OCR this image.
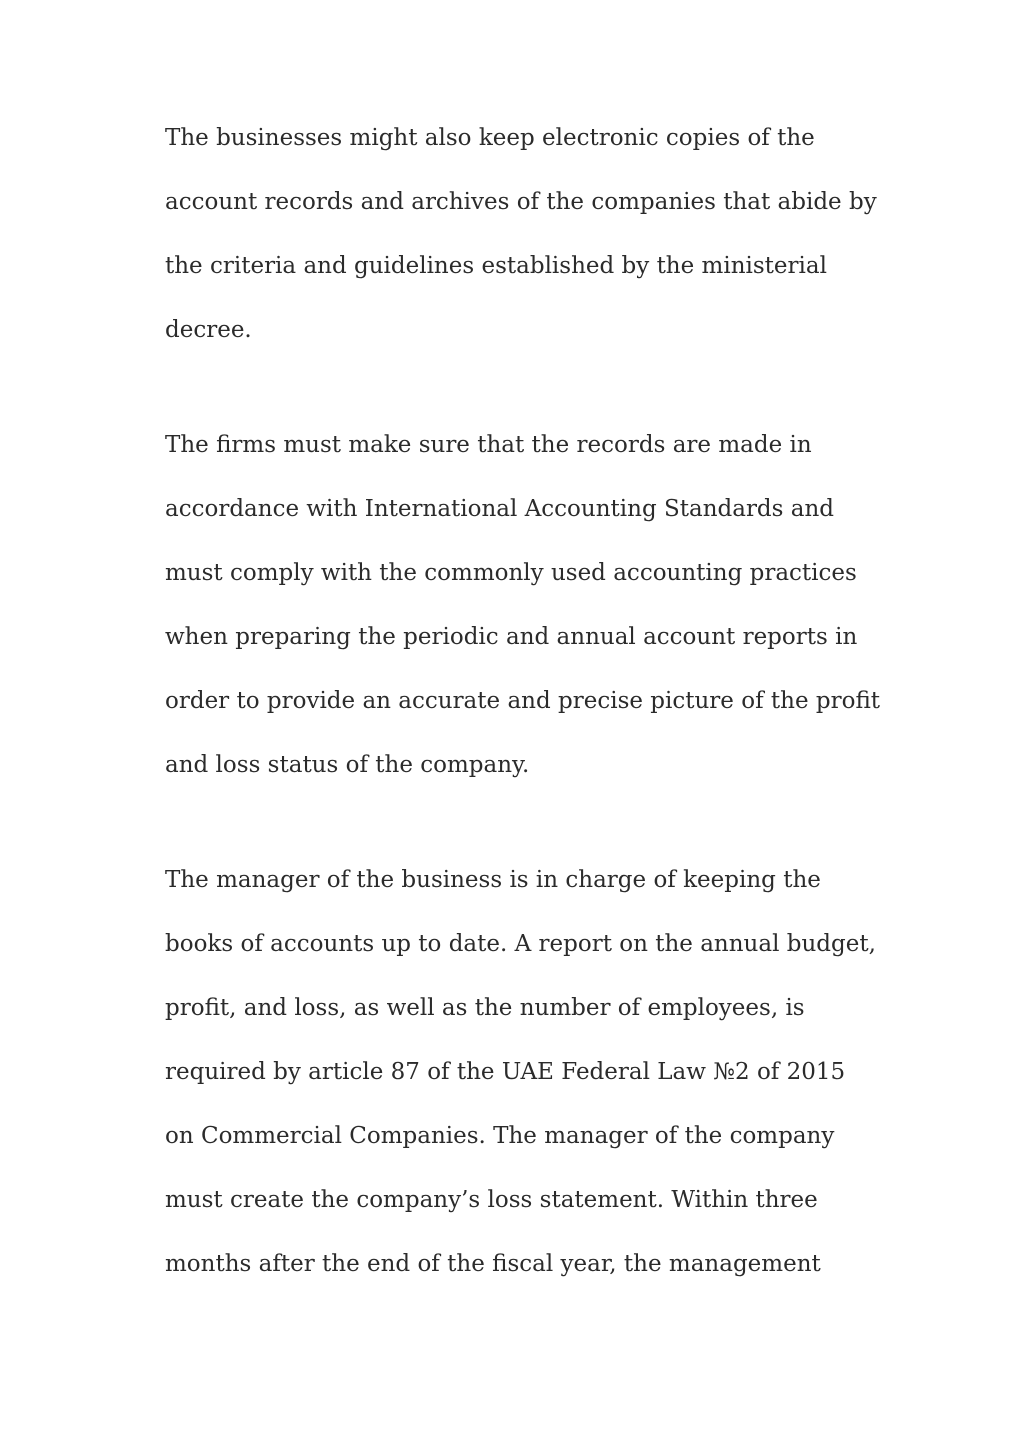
The businesses might also keep electronic copies of the
account records and archives of the companies that abide by
the criteria and guidelines established by the ministerial
decree.

The firms must make sure that the records are made in
accordance with International Accounting Standards and
must comply with the commonly used accounting practices
when preparing the periodic and annual account reports in
order to provide an accurate and precise picture of the profit
and loss status of the company.

The manager of the business is in charge of keeping the
books of accounts up to date. A report on the annual budget,
profit, and loss, as well as the number of employees, is
required by article 87 of the UAE Federal Law №2 of 2015
on Commercial Companies. The manager of the company
must create the company’s loss statement. Within three
months after the end of the fiscal year, the management
